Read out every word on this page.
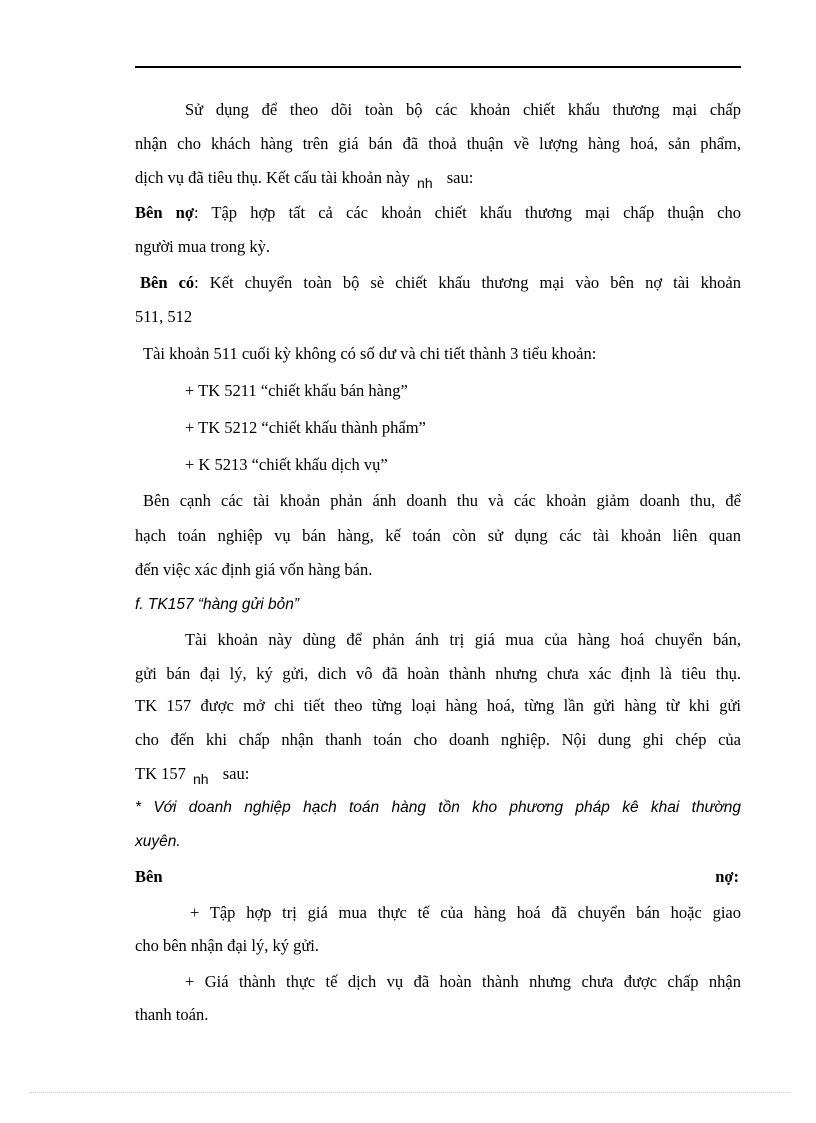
Sử dụng để theo dõi toàn bộ các khoản chiết khấu thương mại chấp
nhận cho khách hàng trên giá bán đã thoả thuận về lượng hàng hoá, sản phẩm,
dịch vụ đã tiêu thụ. Kết cấu tài khoản này $_{nh}$ sau:
Bên nợ: Tập hợp tất cả các khoản chiết khấu thương mại chấp thuận cho
người mua trong kỳ.
Bên có: Kết chuyển toàn bộ sè chiết khấu thương mại vào bên nợ tài khoản
511, 512
Tài khoản 511 cuối kỳ không có số dư và chi tiết thành 3 tiểu khoản:
+ TK 5211 “chiết khấu bán hàng”
+ TK 5212 “chiết khấu thành phẩm”
+ K 5213 “chiết khấu dịch vụ”
Bên cạnh các tài khoản phản ánh doanh thu và các khoản giảm doanh thu, để
hạch toán nghiệp vụ bán hàng, kế toán còn sử dụng các tài khoản liên quan
đến việc xác định giá vốn hàng bán.
f. TK157 “hàng gửi bỏn”
Tài khoản này dùng để phản ánh trị giá mua của hàng hoá chuyển bán,
gửi bán đại lý, ký gửi, dich vô đã hoàn thành nhưng chưa xác định là tiêu thụ.
TK 157 được mở chi tiết theo từng loại hàng hoá, từng lần gửi hàng từ khi gửi
cho đến khi chấp nhận thanh toán cho doanh nghiệp. Nội dung ghi chép của
TK 157 $_{nh}$ sau:
* Với doanh nghiệp hạch toán hàng tồn kho phương pháp kê khai thường
xuyên.
Bên	nợ:
+ Tập hợp trị giá mua thực tế của hàng hoá đã chuyển bán hoặc giao
cho bên nhận đại lý, ký gửi.
+ Giá thành thực tế dịch vụ đã hoàn thành nhưng chưa được chấp nhận
thanh toán.
